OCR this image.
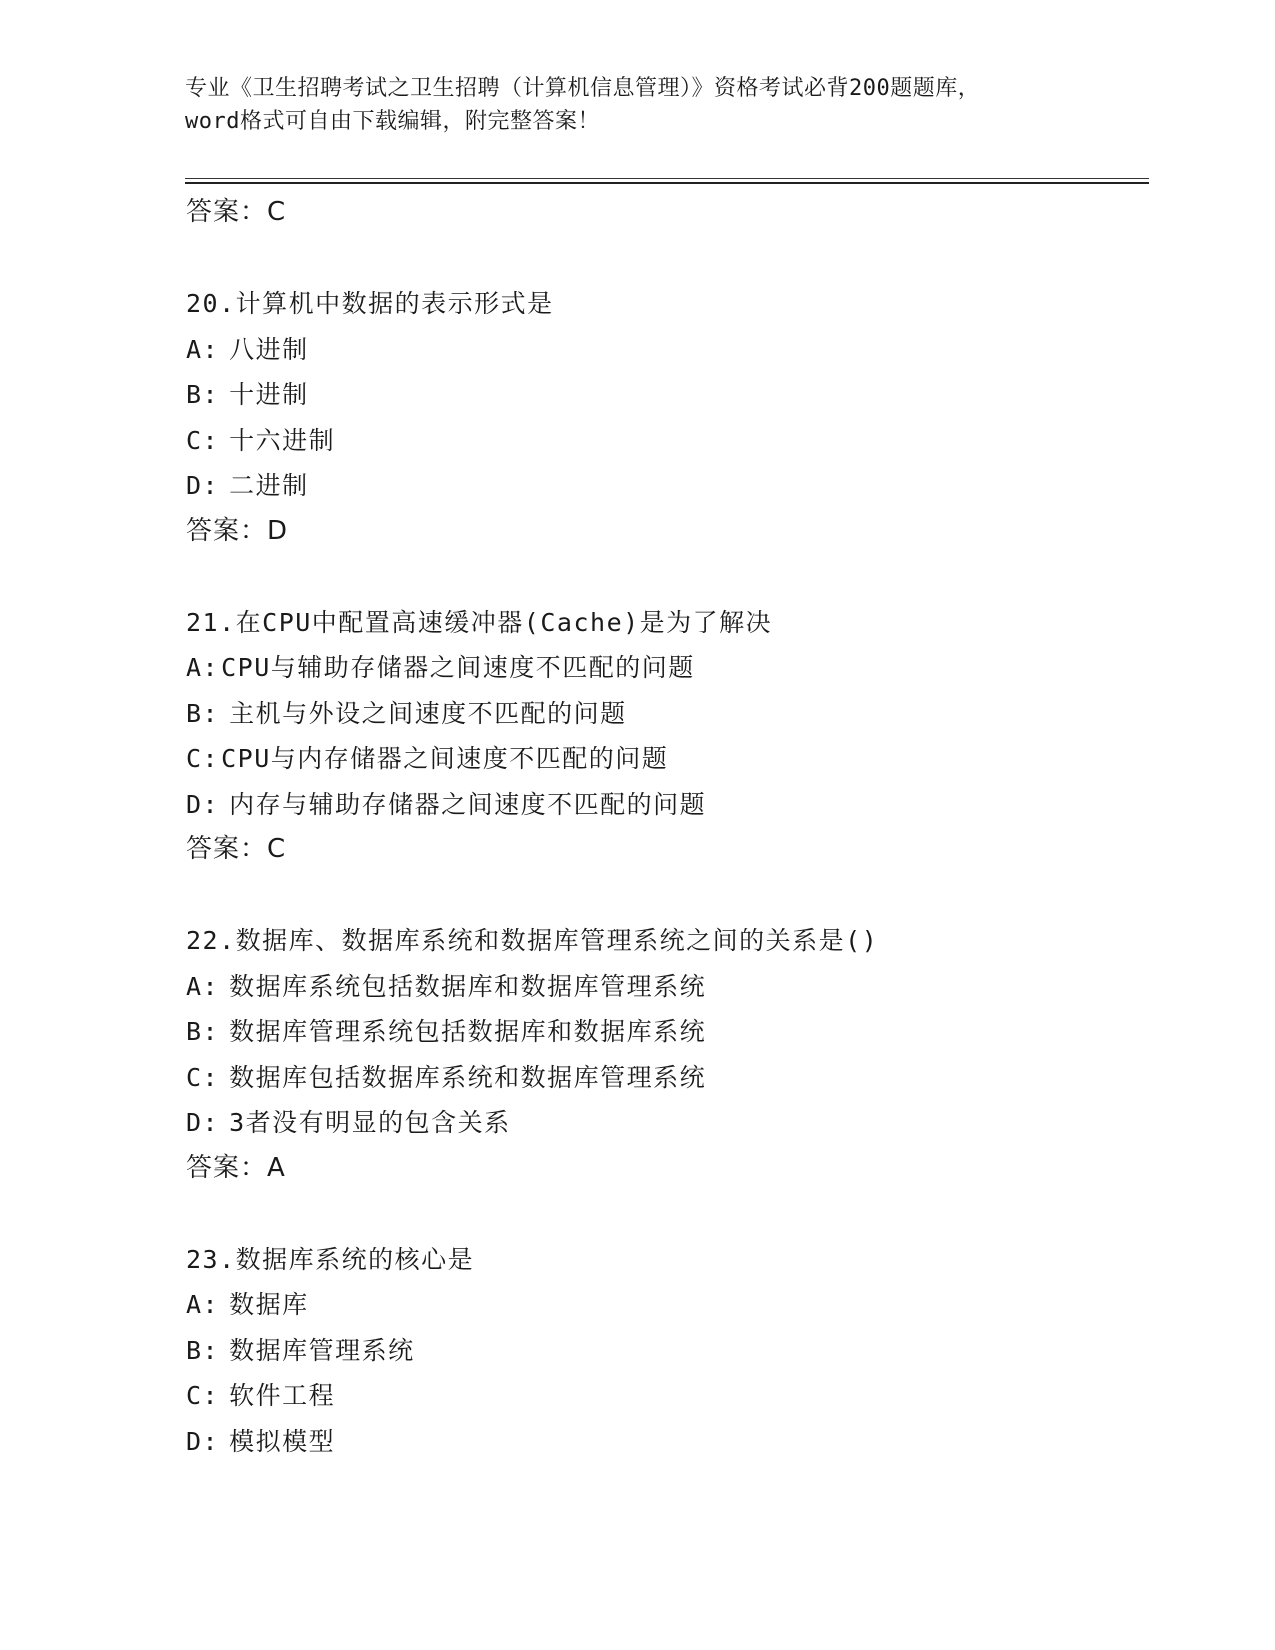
专业《卫生招聘考试之卫生招聘（计算机信息管理）》资格考试必背200题题库，
word格式可自由下载编辑，附完整答案！
答案：C
20.计算机中数据的表示形式是
A: 八进制
B: 十进制
C: 十六进制
D: 二进制
答案：D
21.在CPU中配置高速缓冲器(Cache)是为了解决
A:CPU与辅助存储器之间速度不匹配的问题
B: 主机与外设之间速度不匹配的问题
C:CPU与内存储器之间速度不匹配的问题
D: 内存与辅助存储器之间速度不匹配的问题
答案：C
22.数据库、数据库系统和数据库管理系统之间的关系是()
A: 数据库系统包括数据库和数据库管理系统
B: 数据库管理系统包括数据库和数据库系统
C: 数据库包括数据库系统和数据库管理系统
D: 3者没有明显的包含关系
答案：A
23.数据库系统的核心是
A: 数据库
B: 数据库管理系统
C: 软件工程
D: 模拟模型
